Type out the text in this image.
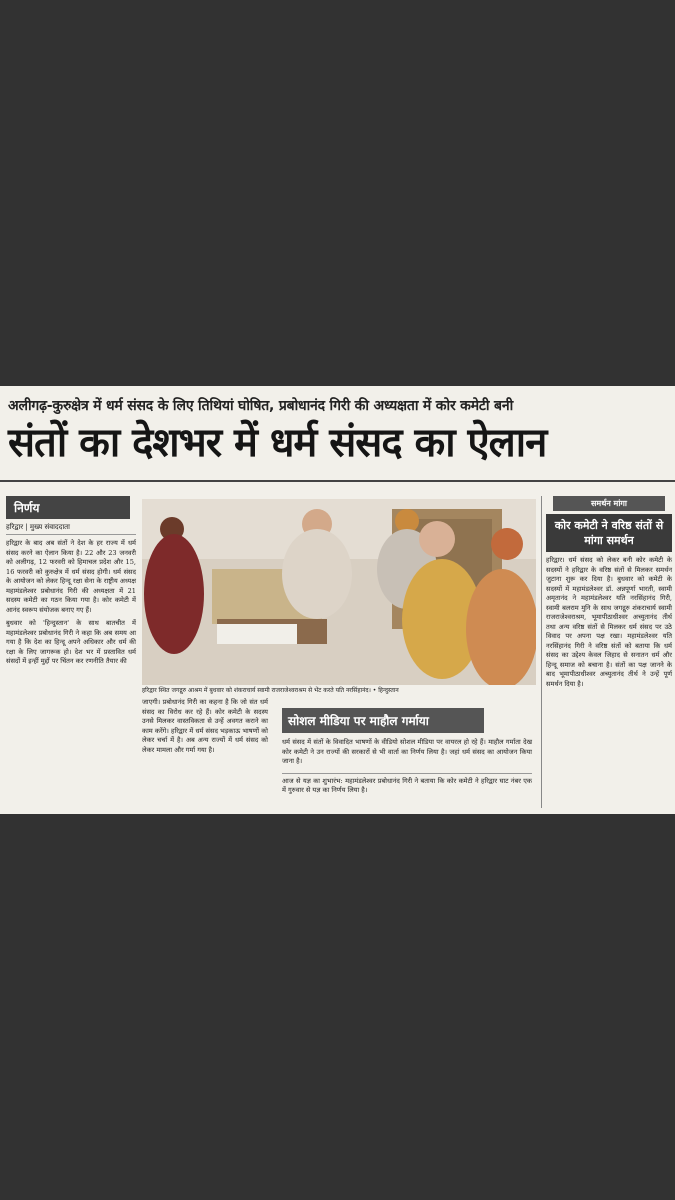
अलीगढ़-कुरुक्षेत्र में धर्म संसद के लिए तिथियां घोषित, प्रबोधानंद गिरी की अध्यक्षता में कोर कमेटी बनी
संतों का देशभर में धर्म संसद का ऐलान
निर्णय
हरिद्वार | मुख्य संवाददाता
हरिद्वार के बाद अब संतों ने देश के हर राज्य में धर्म संसद करने का ऐलान किया है। 22 और 23 जनवरी को अलीगढ़, 12 फरवरी को हिमाचल प्रदेश और 15, 16 फरवरी को कुरुक्षेत्र में धर्म संसद होगी। धर्म संसद के आयोजन को लेकर हिन्दू रक्षा सेना के राष्ट्रीय अध्यक्ष महामंडलेश्वर प्रबोधानंद गिरी की अध्यक्षता में 21 सदस्य कमेटी का गठन किया गया है। कोर कमेटी में आनंद स्वरूप संयोजक बनाए गए हैं।
बुधवार को 'हिन्दुस्तान' के साथ बातचीत में महामंडलेश्वर प्रबोधानंद गिरी ने कहा कि अब समय आ गया है कि देश का हिन्दू अपने अधिकार और धर्म की रक्षा के लिए जागरूक हो। देश भर में प्रस्तावित धर्म संसदों में इन्हीं मुद्दों पर चिंतन कर रणनीति तैयार की
हरिद्वार स्थित जगद्गुरु आश्रम में बुधवार को शंकराचार्य स्वामी राजराजेश्वराश्रम से भेंट करते यति नरसिंहानंद। • हिन्दुस्तान
जाएगी। प्रबोधानंद गिरी का कहना है कि जो संत धर्म संसद का विरोध कर रहे हैं। कोर कमेटी के सदस्य उनसे मिलकर वास्तविकता से उन्हें अवगत कराने का काम करेंगे। हरिद्वार में धर्म संसद भड़काऊ भाषणों को लेकर चर्चा में है। अब अन्य राज्यों में धर्म संसद को लेकर मामला और गर्मा गया है।
सोशल मीडिया पर माहौल गर्माया
धर्म संसद में संतों के विवादित भाषणों के वीडियो सोशल मीडिया पर वायरल हो रहे हैं। माहौल गर्माता देख कोर कमेटी ने उन राज्यों की सरकारों से भी वार्ता का निर्णय लिया है। जहां धर्म संसद का आयोजन किया जाना है।
आज से यज्ञ का शुभारंभ: महामंडलेश्वर प्रबोधानंद गिरी ने बताया कि कोर कमेटी ने हरिद्वार घाट नंबर एक में गुरुवार से यज्ञ का निर्णय लिया है।
समर्थन मांगा
कोर कमेटी ने वरिष्ठ संतों से मांगा समर्थन
हरिद्वार। धर्म संसद को लेकर बनी कोर कमेटी के सदस्यों ने हरिद्वार के वरिष्ठ संतों से मिलकर समर्थन जुटाना शुरू कर दिया है। बुधवार को कमेटी के सदस्यों में महामंडलेश्वर डॉ. अन्नपूर्णा भारती, स्वामी अमृतानंद ने महामंडलेश्वर यति नरसिंहानंद गिरी, स्वामी बलराम मुनि के साथ जगद्गुरु शंकराचार्य स्वामी राजराजेश्वराश्रम, भूमापीठाधीश्वर अच्युतानंद तीर्थ तथा अन्य वरिष्ठ संतों से मिलकर धर्म संसद पर उठे विवाद पर अपना पक्ष रखा। महामंडलेश्वर यति नरसिंहानंद गिरी ने वरिष्ठ संतों को बताया कि धर्म संसद का उद्देश्य केवल जिहाद से सनातन धर्म और हिन्दू समाज को बचाना है। संतों का पक्ष जानने के बाद भूमापीठाधीश्वर अच्युतानंद तीर्थ ने उन्हें पूर्ण समर्थन दिया है।
